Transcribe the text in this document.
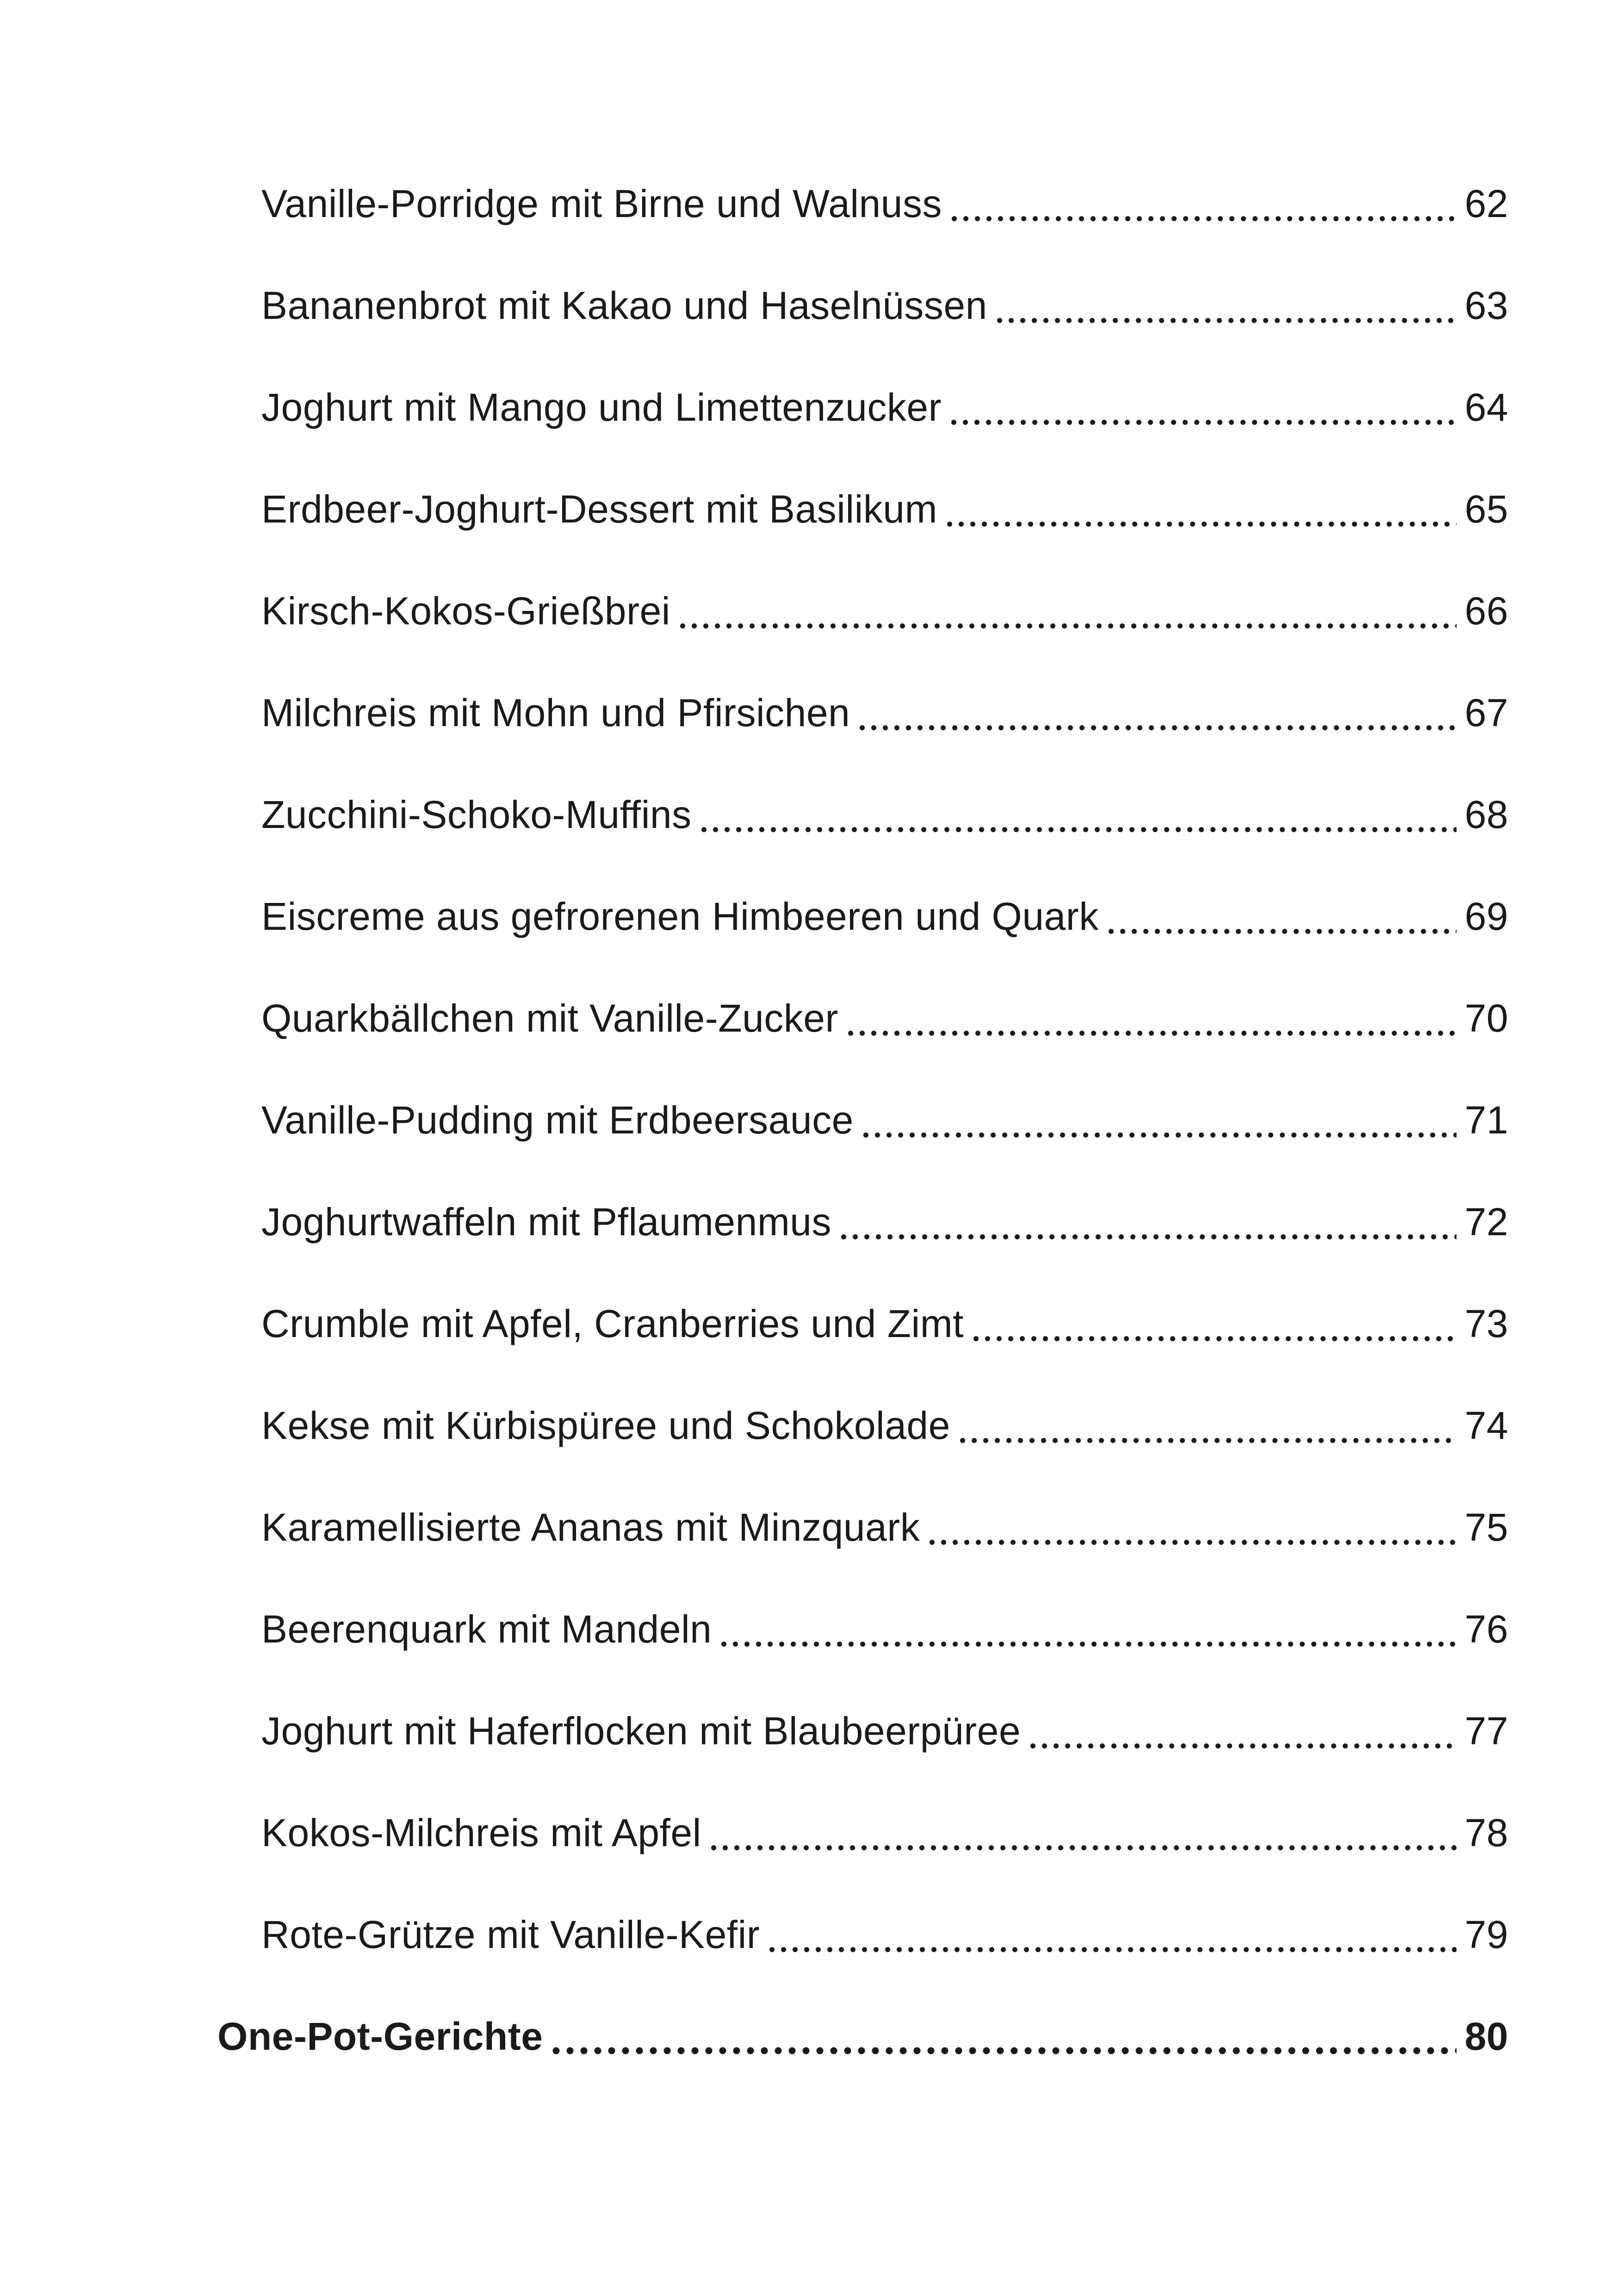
Vanille-Porridge mit Birne und Walnuss	62
Bananenbrot mit Kakao und Haselnüssen	63
Joghurt mit Mango und Limettenzucker	64
Erdbeer-Joghurt-Dessert mit Basilikum	65
Kirsch-Kokos-Grießbrei	66
Milchreis mit Mohn und Pfirsichen	67
Zucchini-Schoko-Muffins	68
Eiscreme aus gefrorenen Himbeeren und Quark	69
Quarkbällchen mit Vanille-Zucker	70
Vanille-Pudding mit Erdbeersauce	71
Joghurtwaffeln mit Pflaumenmus	72
Crumble mit Apfel, Cranberries und Zimt	73
Kekse mit Kürbispüree und Schokolade	74
Karamellisierte Ananas mit Minzquark	75
Beerenquark mit Mandeln	76
Joghurt mit Haferflocken mit Blaubeerpüree	77
Kokos-Milchreis mit Apfel	78
Rote-Grütze mit Vanille-Kefir	79
One-Pot-Gerichte	80
